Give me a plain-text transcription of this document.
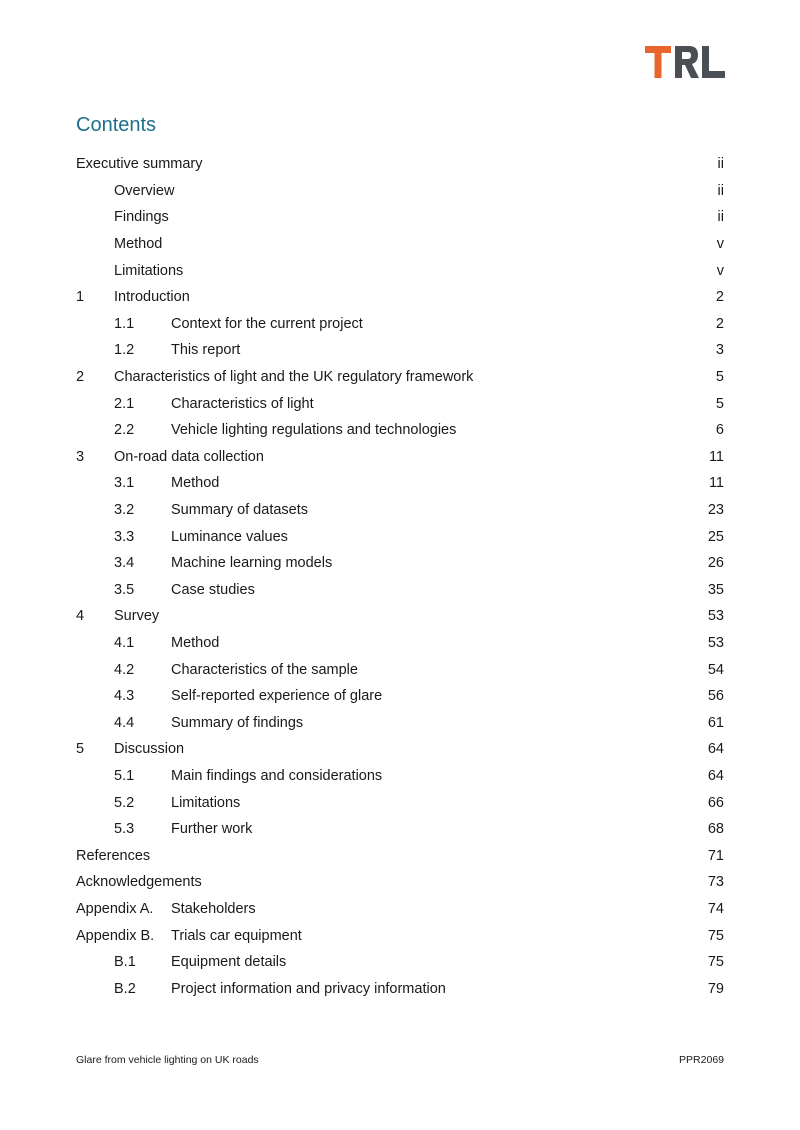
Contents
Executive summary	ii
Overview	ii
Findings	ii
Method	v
Limitations	v
1	Introduction	2
1.1	Context for the current project	2
1.2	This report	3
2	Characteristics of light and the UK regulatory framework	5
2.1	Characteristics of light	5
2.2	Vehicle lighting regulations and technologies	6
3	On-road data collection	11
3.1	Method	11
3.2	Summary of datasets	23
3.3	Luminance values	25
3.4	Machine learning models	26
3.5	Case studies	35
4	Survey	53
4.1	Method	53
4.2	Characteristics of the sample	54
4.3	Self-reported experience of glare	56
4.4	Summary of findings	61
5	Discussion	64
5.1	Main findings and considerations	64
5.2	Limitations	66
5.3	Further work	68
References	71
Acknowledgements	73
Appendix A.	Stakeholders	74
Appendix B.	Trials car equipment	75
B.1	Equipment details	75
B.2	Project information and privacy information	79
Glare from vehicle lighting on UK roads	PPR2069
